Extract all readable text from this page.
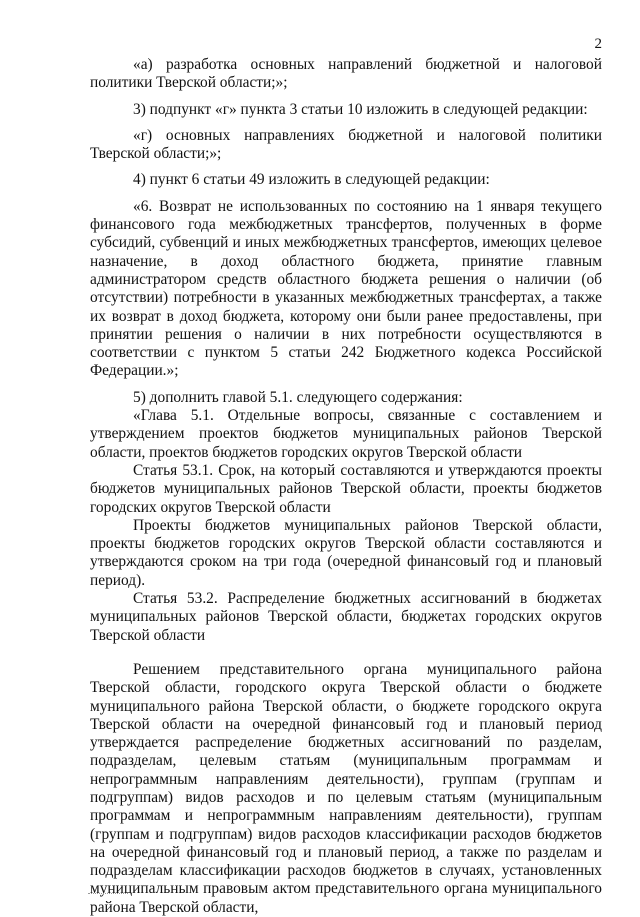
2

«а) разработка основных направлений бюджетной и налоговой политики Тверской области;»;

3) подпункт «г» пункта 3 статьи 10 изложить в следующей редакции:

«г) основных направлениях бюджетной и налоговой политики Тверской области;»;

4) пункт 6 статьи 49 изложить в следующей редакции:

«6. Возврат не использованных по состоянию на 1 января текущего финансового года межбюджетных трансфертов, полученных в форме субсидий, субвенций и иных межбюджетных трансфертов, имеющих целевое назначение, в доход областного бюджета, принятие главным администратором средств областного бюджета решения о наличии (об отсутствии) потребности в указанных межбюджетных трансфертах, а также их возврат в доход бюджета, которому они были ранее предоставлены, при принятии решения о наличии в них потребности осуществляются в соответствии с пунктом 5 статьи 242 Бюджетного кодекса Российской Федерации.»;

5) дополнить главой 5.1. следующего содержания:

«Глава 5.1. Отдельные вопросы, связанные с составлением и утверждением проектов бюджетов муниципальных районов Тверской области, проектов бюджетов городских округов Тверской области

Статья 53.1. Срок, на который составляются и утверждаются проекты бюджетов муниципальных районов Тверской области, проекты бюджетов городских округов Тверской области

Проекты бюджетов муниципальных районов Тверской области, проекты бюджетов городских округов Тверской области составляются и утверждаются сроком на три года (очередной финансовый год и плановый период).

Статья 53.2. Распределение бюджетных ассигнований в бюджетах муниципальных районов Тверской области, бюджетах городских округов Тверской области

Решением представительного органа муниципального района Тверской области, городского округа Тверской области о бюджете муниципального района Тверской области, о бюджете городского округа Тверской области на очередной финансовый год и плановый период утверждается распределение бюджетных ассигнований по разделам, подразделам, целевым статьям (муниципальным программам и непрограммным направлениям деятельности), группам (группам и подгруппам) видов расходов и по целевым статьям (муниципальным программам и непрограммным направлениям деятельности), группам (группам и подгруппам) видов расходов классификации расходов бюджетов на очередной финансовый год и плановый период, а также по разделам и подразделам классификации расходов бюджетов в случаях, установленных муниципальным правовым актом представительного органа муниципального района Тверской области,
